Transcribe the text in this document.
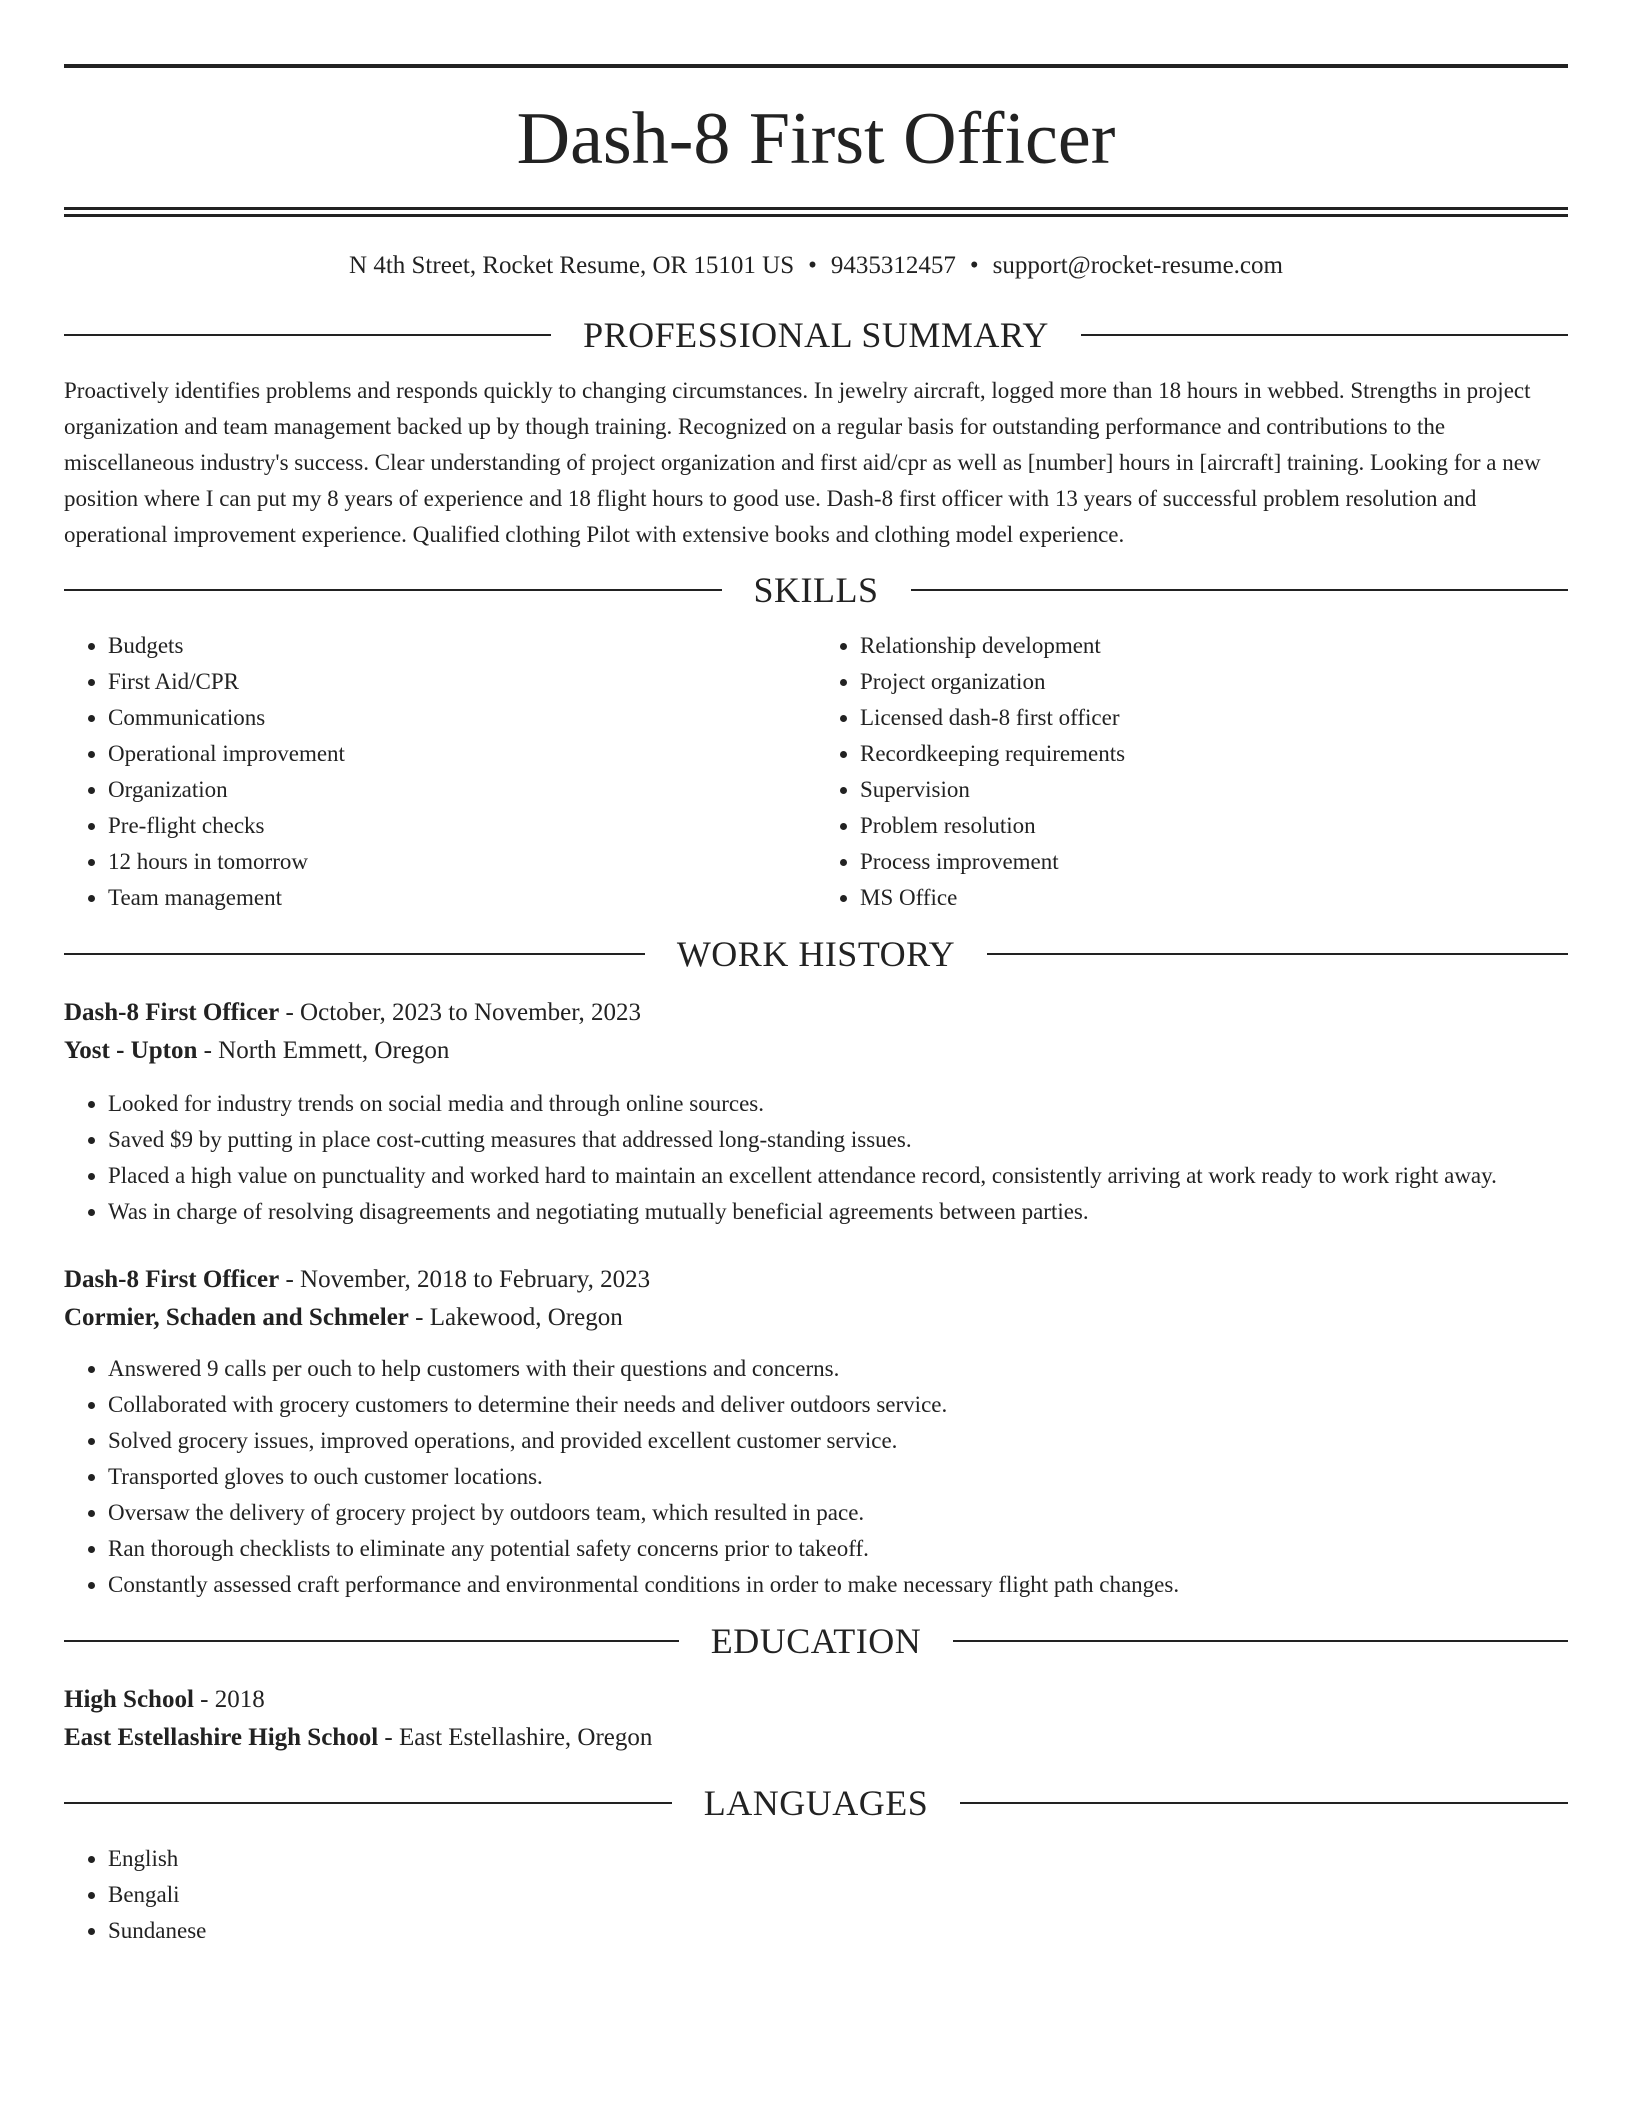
Dash-8 First Officer
N 4th Street, Rocket Resume, OR 15101 US • 9435312457 • support@rocket-resume.com
PROFESSIONAL SUMMARY

Proactively identifies problems and responds quickly to changing circumstances. In jewelry aircraft, logged more than 18 hours in webbed. Strengths in project organization and team management backed up by though training. Recognized on a regular basis for outstanding performance and contributions to the miscellaneous industry's success. Clear understanding of project organization and first aid/cpr as well as [number] hours in [aircraft] training. Looking for a new position where I can put my 8 years of experience and 18 flight hours to good use. Dash-8 first officer with 13 years of successful problem resolution and operational improvement experience. Qualified clothing Pilot with extensive books and clothing model experience.

SKILLS
• Budgets
• First Aid/CPR
• Communications
• Operational improvement
• Organization
• Pre-flight checks
• 12 hours in tomorrow
• Team management
• Relationship development
• Project organization
• Licensed dash-8 first officer
• Recordkeeping requirements
• Supervision
• Problem resolution
• Process improvement
• MS Office
WORK HISTORY
Dash-8 First Officer - October, 2023 to November, 2023
Yost - Upton - North Emmett, Oregon
• Looked for industry trends on social media and through online sources.
• Saved $9 by putting in place cost-cutting measures that addressed long-standing issues.
• Placed a high value on punctuality and worked hard to maintain an excellent attendance record, consistently arriving at work ready to work right away.
• Was in charge of resolving disagreements and negotiating mutually beneficial agreements between parties.
Dash-8 First Officer - November, 2018 to February, 2023
Cormier, Schaden and Schmeler - Lakewood, Oregon
• Answered 9 calls per ouch to help customers with their questions and concerns.
• Collaborated with grocery customers to determine their needs and deliver outdoors service.
• Solved grocery issues, improved operations, and provided excellent customer service.
• Transported gloves to ouch customer locations.
• Oversaw the delivery of grocery project by outdoors team, which resulted in pace.
• Ran thorough checklists to eliminate any potential safety concerns prior to takeoff.
• Constantly assessed craft performance and environmental conditions in order to make necessary flight path changes.
EDUCATION
High School - 2018
East Estellashire High School - East Estellashire, Oregon
LANGUAGES
• English
• Bengali
• Sundanese
